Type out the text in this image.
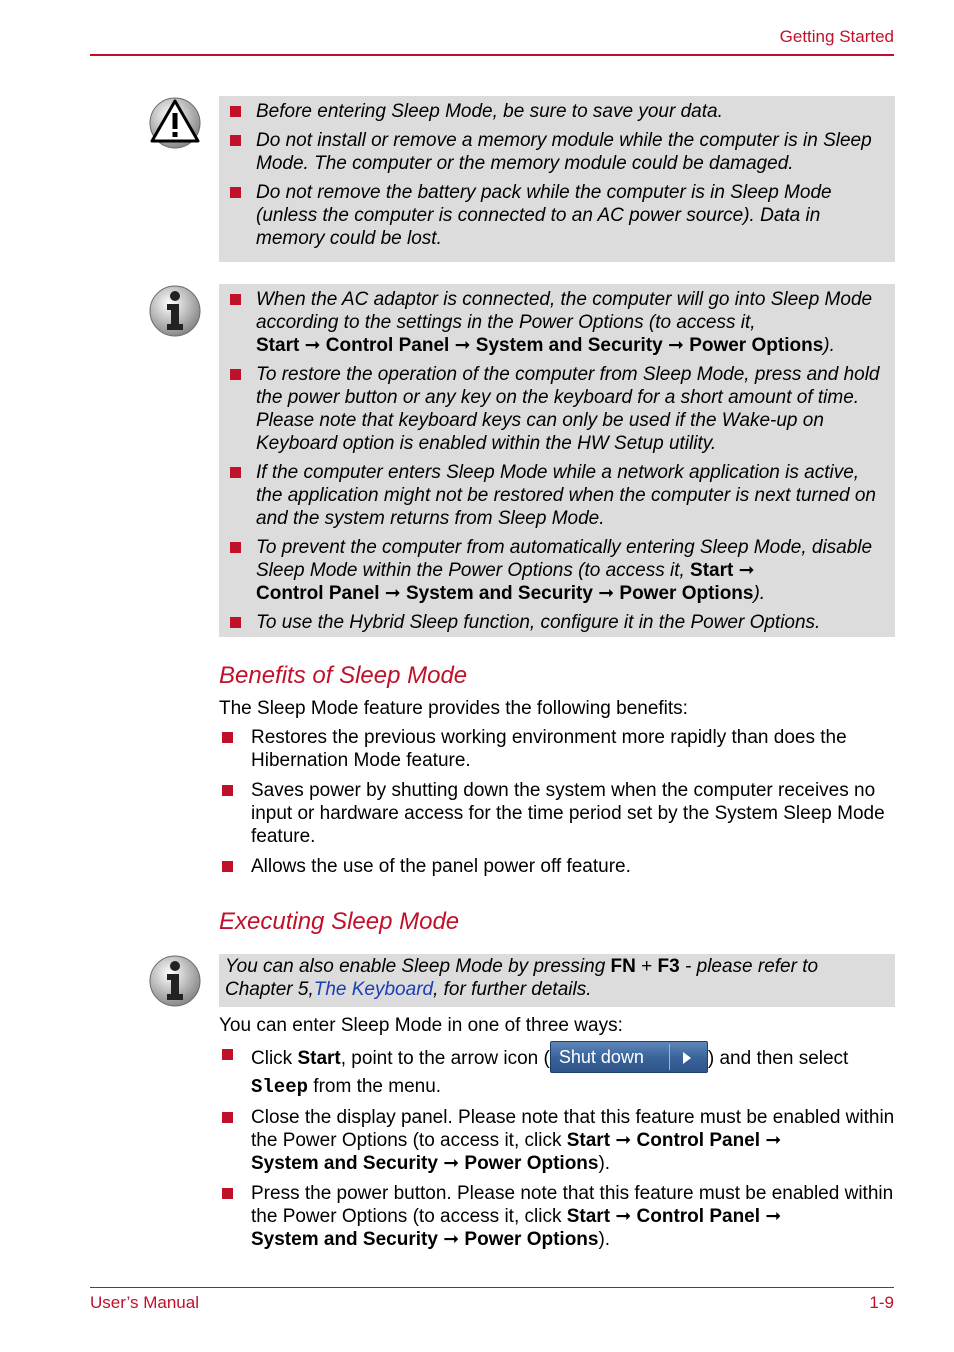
Getting Started
Before entering Sleep Mode, be sure to save your data.
Do not install or remove a memory module while the computer is in Sleep Mode. The computer or the memory module could be damaged.
Do not remove the battery pack while the computer is in Sleep Mode (unless the computer is connected to an AC power source). Data in memory could be lost.
When the AC adaptor is connected, the computer will go into Sleep Mode according to the settings in the Power Options (to access it,
Start ➞ Control Panel ➞ System and Security ➞ Power Options).
To restore the operation of the computer from Sleep Mode, press and hold the power button or any key on the keyboard for a short amount of time. Please note that keyboard keys can only be used if the Wake-up on Keyboard option is enabled within the HW Setup utility.
If the computer enters Sleep Mode while a network application is active, the application might not be restored when the computer is next turned on and the system returns from Sleep Mode.
To prevent the computer from automatically entering Sleep Mode, disable Sleep Mode within the Power Options (to access it, Start ➞
Control Panel ➞ System and Security ➞ Power Options).
To use the Hybrid Sleep function, configure it in the Power Options.
Benefits of Sleep Mode
The Sleep Mode feature provides the following benefits:
Restores the previous working environment more rapidly than does the Hibernation Mode feature.
Saves power by shutting down the system when the computer receives no input or hardware access for the time period set by the System Sleep Mode feature.
Allows the use of the panel power off feature.
Executing Sleep Mode
You can also enable Sleep Mode by pressing FN + F3 - please refer to Chapter 5,The Keyboard, for further details.
You can enter Sleep Mode in one of three ways:
Click Start, point to the arrow icon ( Shut down	) and then select
Sleep from the menu.
Close the display panel. Please note that this feature must be enabled within the Power Options (to access it, click Start ➞ Control Panel ➞
System and Security ➞ Power Options).
Press the power button. Please note that this feature must be enabled within the Power Options (to access it, click Start ➞ Control Panel ➞
System and Security ➞ Power Options).
User’s Manual	1-9
